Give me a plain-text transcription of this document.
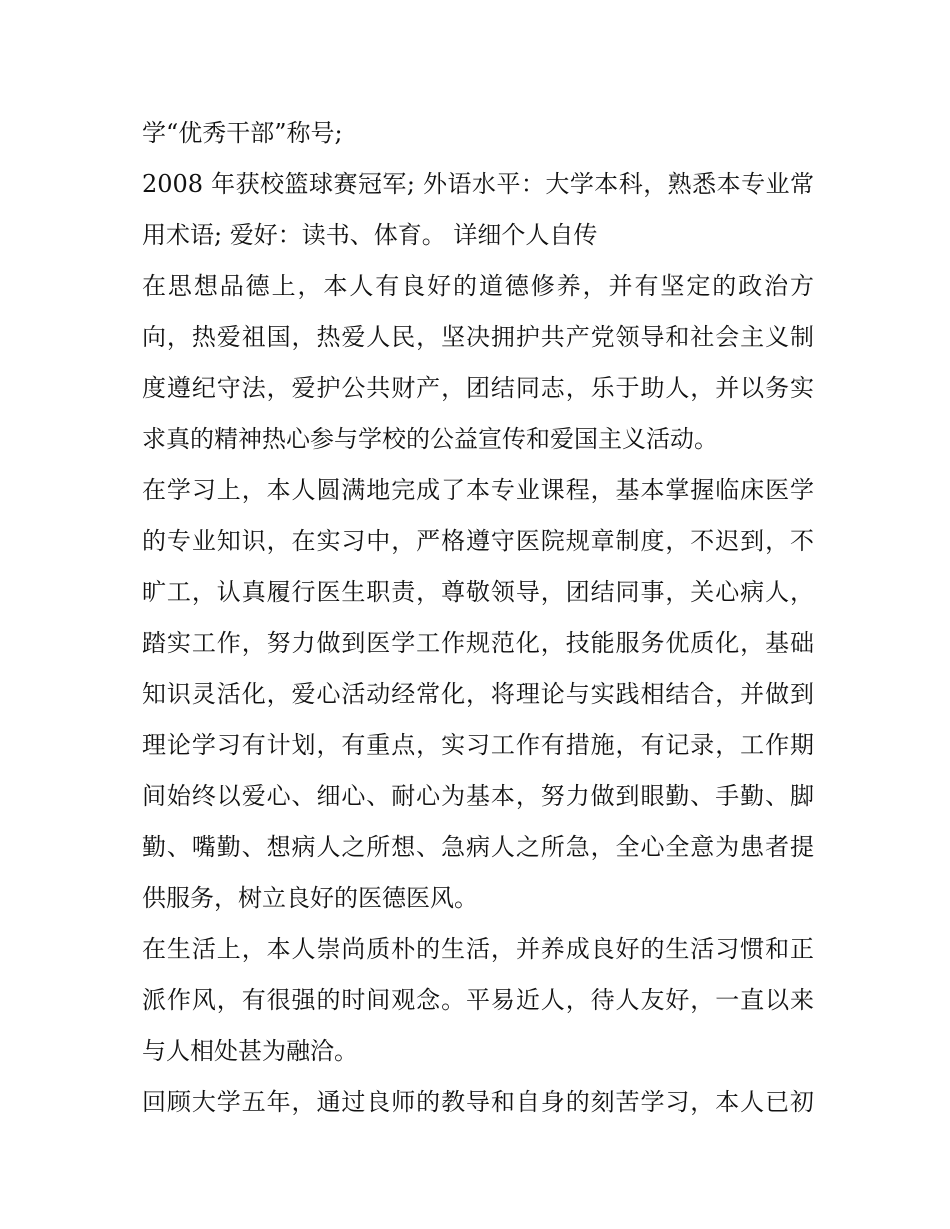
学“优秀干部”称号;
2008 年获校篮球赛冠军; 外语水平：大学本科，熟悉本专业常
用术语; 爱好：读书、体育。 详细个人自传
在思想品德上，本人有良好的道德修养，并有坚定的政治方
向，热爱祖国，热爱人民，坚决拥护共产党领导和社会主义制
度遵纪守法，爱护公共财产，团结同志，乐于助人，并以务实
求真的精神热心参与学校的公益宣传和爱国主义活动。
在学习上，本人圆满地完成了本专业课程，基本掌握临床医学
的专业知识，在实习中，严格遵守医院规章制度，不迟到，不
旷工，认真履行医生职责，尊敬领导，团结同事，关心病人，
踏实工作，努力做到医学工作规范化，技能服务优质化，基础
知识灵活化，爱心活动经常化，将理论与实践相结合，并做到
理论学习有计划，有重点，实习工作有措施，有记录，工作期
间始终以爱心、细心、耐心为基本，努力做到眼勤、手勤、脚
勤、嘴勤、想病人之所想、急病人之所急，全心全意为患者提
供服务，树立良好的医德医风。
在生活上，本人崇尚质朴的生活，并养成良好的生活习惯和正
派作风，有很强的时间观念。平易近人，待人友好，一直以来
与人相处甚为融洽。
回顾大学五年，通过良师的教导和自身的刻苦学习，本人已初
